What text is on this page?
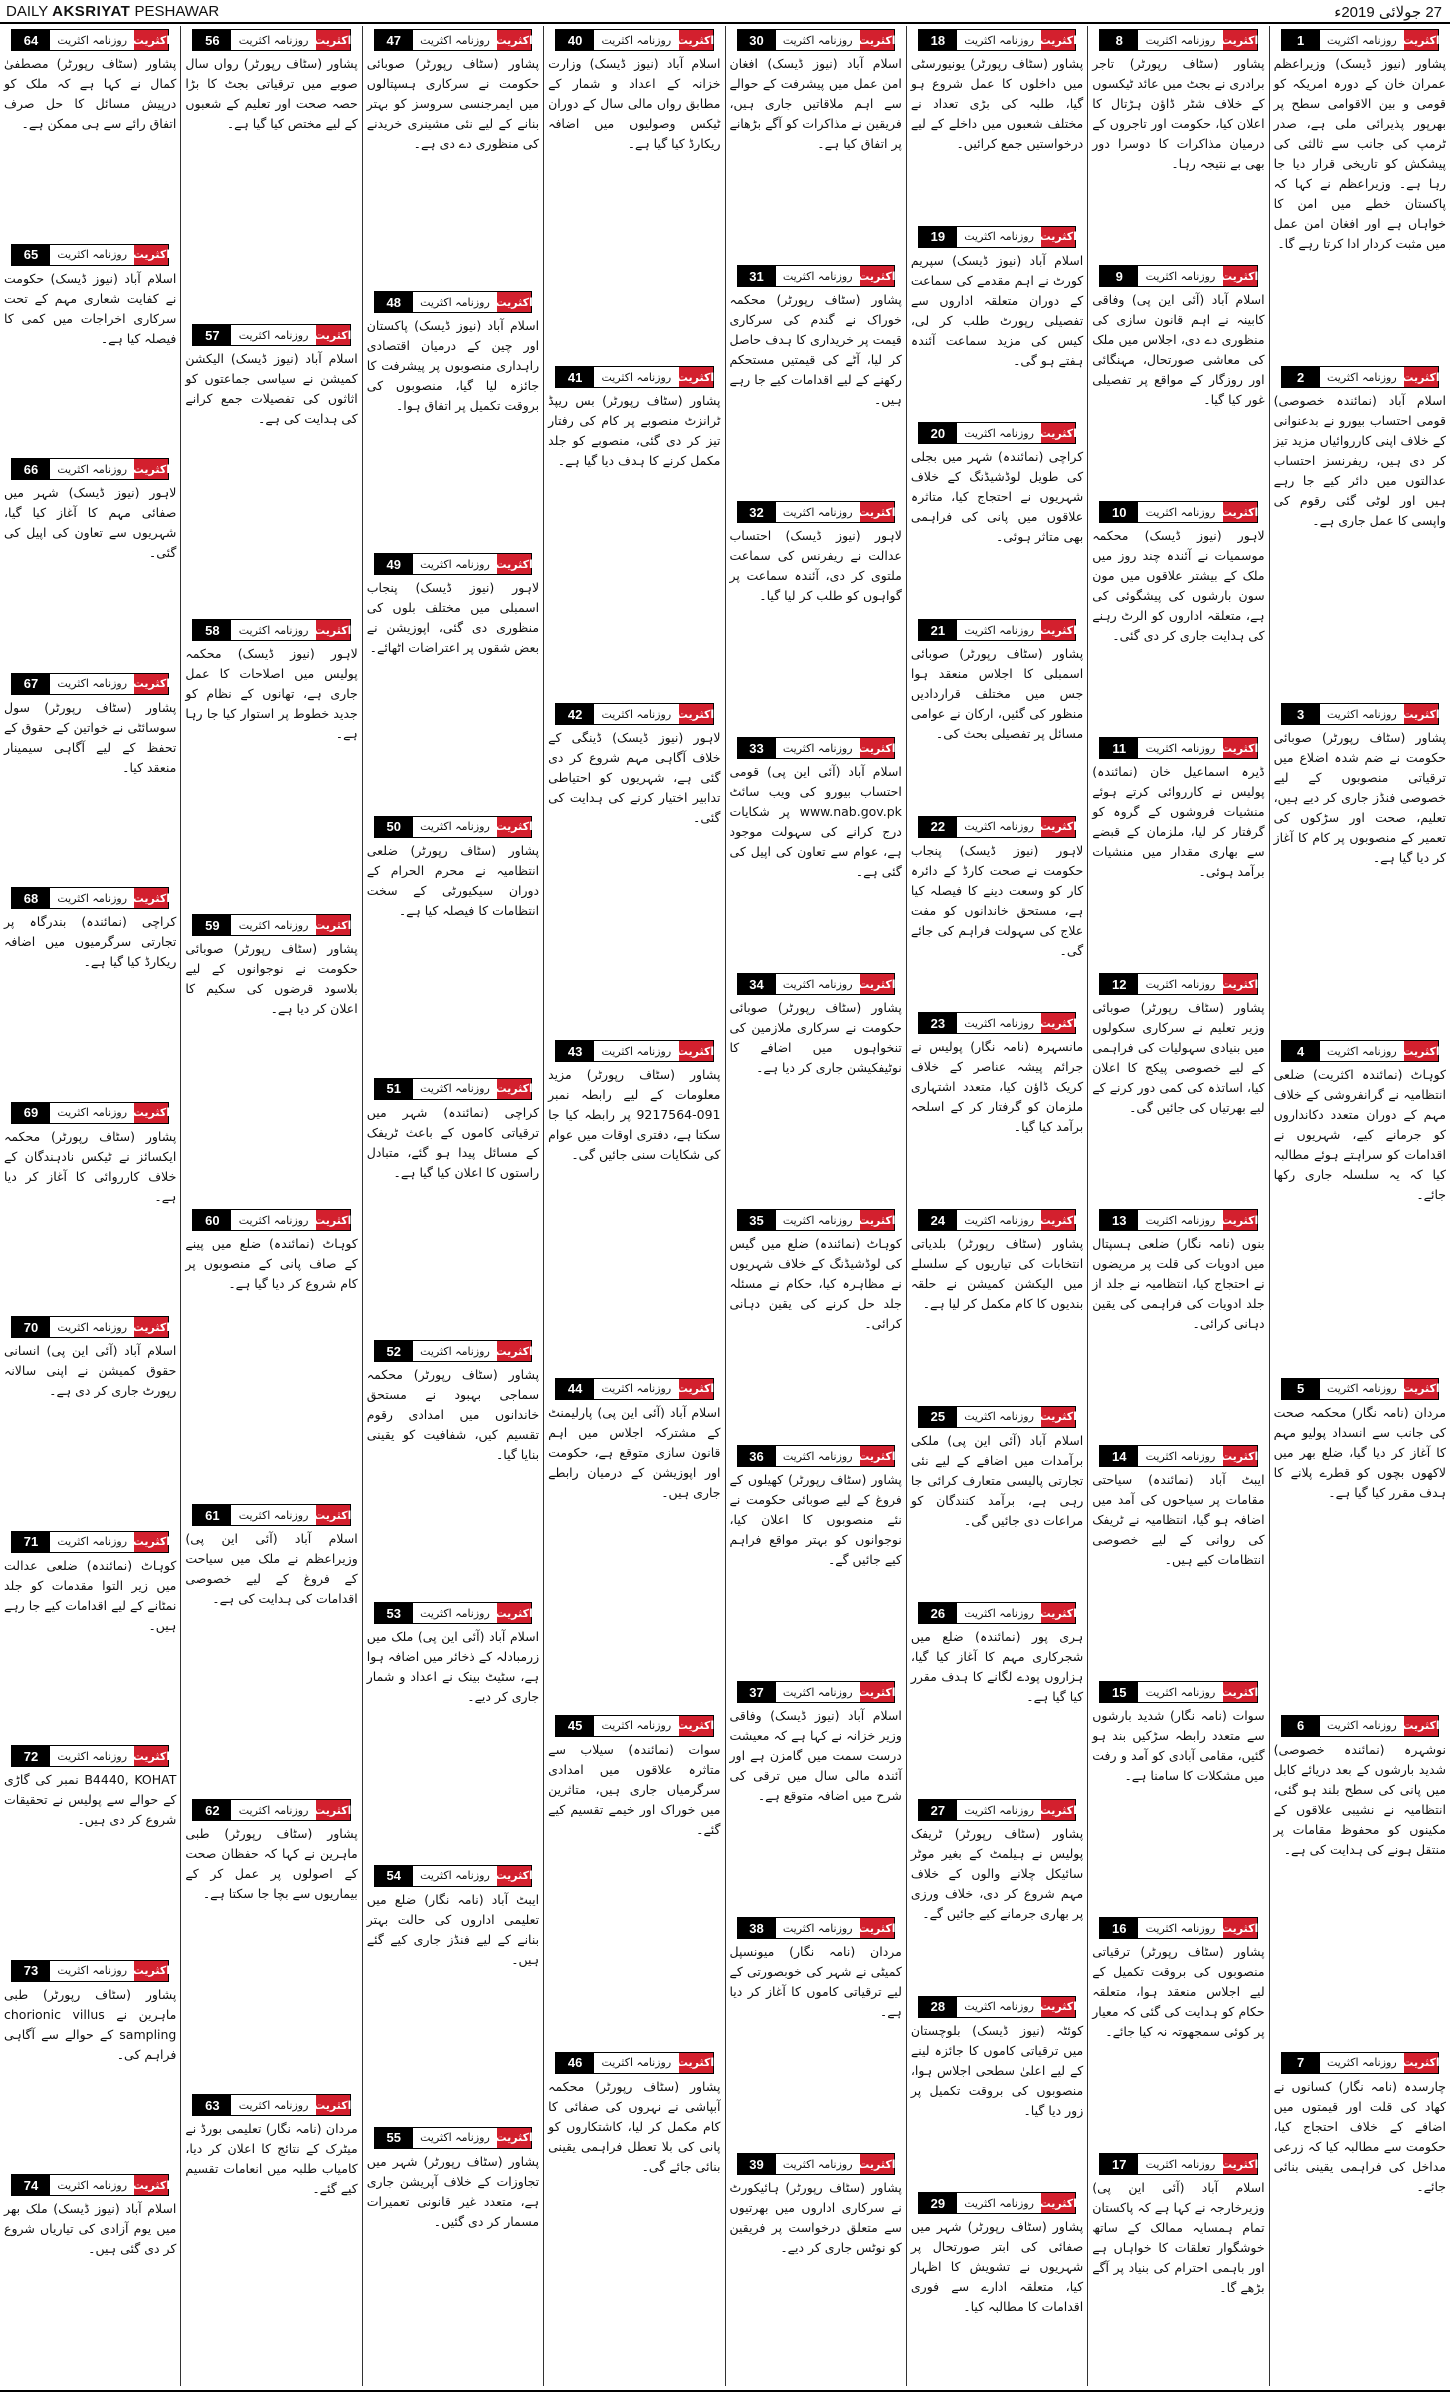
DAILY AKSRIYAT PESHAWAR	27 جولائی 2019ء
1	روزنامہ اکثریت اکثریت

پشاور (نیوز ڈیسک) وزیراعظم عمران خان کے دورہ امریکہ کو قومی و بین الاقوامی سطح پر بھرپور پذیرائی ملی ہے، صدر ٹرمپ کی جانب سے ثالثی کی پیشکش کو تاریخی قرار دیا جا رہا ہے۔ وزیراعظم نے کہا کہ پاکستان خطے میں امن کا خواہاں ہے اور افغان امن عمل میں مثبت کردار ادا کرتا رہے گا۔

2	روزنامہ اکثریت اکثریت

اسلام آباد (نمائندہ خصوصی) قومی احتساب بیورو نے بدعنوانی کے خلاف اپنی کارروائیاں مزید تیز کر دی ہیں، ریفرنسز احتساب عدالتوں میں دائر کیے جا رہے ہیں اور لوٹی گئی رقوم کی واپسی کا عمل جاری ہے۔

3	روزنامہ اکثریت اکثریت

پشاور (سٹاف رپورٹر) صوبائی حکومت نے ضم شدہ اضلاع میں ترقیاتی منصوبوں کے لیے خصوصی فنڈز جاری کر دیے ہیں، تعلیم، صحت اور سڑکوں کی تعمیر کے منصوبوں پر کام کا آغاز کر دیا گیا ہے۔

4	روزنامہ اکثریت اکثریت

کوہاٹ (نمائندہ اکثریت) ضلعی انتظامیہ نے گرانفروشی کے خلاف مہم کے دوران متعدد دکانداروں کو جرمانے کیے، شہریوں نے اقدامات کو سراہتے ہوئے مطالبہ کیا کہ یہ سلسلہ جاری رکھا جائے۔

5	روزنامہ اکثریت اکثریت

مردان (نامہ نگار) محکمہ صحت کی جانب سے انسداد پولیو مہم کا آغاز کر دیا گیا، ضلع بھر میں لاکھوں بچوں کو قطرے پلانے کا ہدف مقرر کیا گیا ہے۔

6	روزنامہ اکثریت اکثریت

نوشہرہ (نمائندہ خصوصی) شدید بارشوں کے بعد دریائے کابل میں پانی کی سطح بلند ہو گئی، انتظامیہ نے نشیبی علاقوں کے مکینوں کو محفوظ مقامات پر منتقل ہونے کی ہدایت کی ہے۔

7	روزنامہ اکثریت اکثریت

چارسدہ (نامہ نگار) کسانوں نے کھاد کی قلت اور قیمتوں میں اضافے کے خلاف احتجاج کیا، حکومت سے مطالبہ کیا کہ زرعی مداخل کی فراہمی یقینی بنائی جائے۔

8	روزنامہ اکثریت اکثریت

پشاور (سٹاف رپورٹر) تاجر برادری نے بجٹ میں عائد ٹیکسوں کے خلاف شٹر ڈاؤن ہڑتال کا اعلان کیا، حکومت اور تاجروں کے درمیان مذاکرات کا دوسرا دور بھی بے نتیجہ رہا۔

9	روزنامہ اکثریت اکثریت

اسلام آباد (آئی این پی) وفاقی کابینہ نے اہم قانون سازی کی منظوری دے دی، اجلاس میں ملک کی معاشی صورتحال، مہنگائی اور روزگار کے مواقع پر تفصیلی غور کیا گیا۔

10	روزنامہ اکثریت اکثریت

لاہور (نیوز ڈیسک) محکمہ موسمیات نے آئندہ چند روز میں ملک کے بیشتر علاقوں میں مون سون بارشوں کی پیشگوئی کی ہے، متعلقہ اداروں کو الرٹ رہنے کی ہدایت جاری کر دی گئی۔

11	روزنامہ اکثریت اکثریت

ڈیرہ اسماعیل خان (نمائندہ) پولیس نے کارروائی کرتے ہوئے منشیات فروشوں کے گروہ کو گرفتار کر لیا، ملزمان کے قبضے سے بھاری مقدار میں منشیات برآمد ہوئی۔

12	روزنامہ اکثریت اکثریت

پشاور (سٹاف رپورٹر) صوبائی وزیر تعلیم نے سرکاری سکولوں میں بنیادی سہولیات کی فراہمی کے لیے خصوصی پیکج کا اعلان کیا، اساتذہ کی کمی دور کرنے کے لیے بھرتیاں کی جائیں گی۔

13	روزنامہ اکثریت اکثریت

بنوں (نامہ نگار) ضلعی ہسپتال میں ادویات کی قلت پر مریضوں نے احتجاج کیا، انتظامیہ نے جلد از جلد ادویات کی فراہمی کی یقین دہانی کرائی۔

14	روزنامہ اکثریت اکثریت

ایبٹ آباد (نمائندہ) سیاحتی مقامات پر سیاحوں کی آمد میں اضافہ ہو گیا، انتظامیہ نے ٹریفک کی روانی کے لیے خصوصی انتظامات کیے ہیں۔

15	روزنامہ اکثریت اکثریت

سوات (نامہ نگار) شدید بارشوں سے متعدد رابطہ سڑکیں بند ہو گئیں، مقامی آبادی کو آمد و رفت میں مشکلات کا سامنا ہے۔

16	روزنامہ اکثریت اکثریت

پشاور (سٹاف رپورٹر) ترقیاتی منصوبوں کی بروقت تکمیل کے لیے اجلاس منعقد ہوا، متعلقہ حکام کو ہدایت کی گئی کہ معیار پر کوئی سمجھوتہ نہ کیا جائے۔

17	روزنامہ اکثریت اکثریت

اسلام آباد (آئی این پی) وزیرخارجہ نے کہا ہے کہ پاکستان تمام ہمسایہ ممالک کے ساتھ خوشگوار تعلقات کا خواہاں ہے اور باہمی احترام کی بنیاد پر آگے بڑھے گا۔

18	روزنامہ اکثریت اکثریت

پشاور (سٹاف رپورٹر) یونیورسٹی میں داخلوں کا عمل شروع ہو گیا، طلبہ کی بڑی تعداد نے مختلف شعبوں میں داخلے کے لیے درخواستیں جمع کرائیں۔

19	روزنامہ اکثریت اکثریت

اسلام آباد (نیوز ڈیسک) سپریم کورٹ نے اہم مقدمے کی سماعت کے دوران متعلقہ اداروں سے تفصیلی رپورٹ طلب کر لی، کیس کی مزید سماعت آئندہ ہفتے ہو گی۔

20	روزنامہ اکثریت اکثریت

کراچی (نمائندہ) شہر میں بجلی کی طویل لوڈشیڈنگ کے خلاف شہریوں نے احتجاج کیا، متاثرہ علاقوں میں پانی کی فراہمی بھی متاثر ہوئی۔

21	روزنامہ اکثریت اکثریت

پشاور (سٹاف رپورٹر) صوبائی اسمبلی کا اجلاس منعقد ہوا جس میں مختلف قراردادیں منظور کی گئیں، ارکان نے عوامی مسائل پر تفصیلی بحث کی۔

22	روزنامہ اکثریت اکثریت

لاہور (نیوز ڈیسک) پنجاب حکومت نے صحت کارڈ کے دائرہ کار کو وسعت دینے کا فیصلہ کیا ہے، مستحق خاندانوں کو مفت علاج کی سہولت فراہم کی جائے گی۔

23	روزنامہ اکثریت اکثریت

مانسہرہ (نامہ نگار) پولیس نے جرائم پیشہ عناصر کے خلاف کریک ڈاؤن کیا، متعدد اشتہاری ملزمان کو گرفتار کر کے اسلحہ برآمد کیا گیا۔

24	روزنامہ اکثریت اکثریت

پشاور (سٹاف رپورٹر) بلدیاتی انتخابات کی تیاریوں کے سلسلے میں الیکشن کمیشن نے حلقہ بندیوں کا کام مکمل کر لیا ہے۔

25	روزنامہ اکثریت اکثریت

اسلام آباد (آئی این پی) ملکی برآمدات میں اضافے کے لیے نئی تجارتی پالیسی متعارف کرائی جا رہی ہے، برآمد کنندگان کو مراعات دی جائیں گی۔

26	روزنامہ اکثریت اکثریت

ہری پور (نمائندہ) ضلع میں شجرکاری مہم کا آغاز کیا گیا، ہزاروں پودے لگانے کا ہدف مقرر کیا گیا ہے۔

27	روزنامہ اکثریت اکثریت

پشاور (سٹاف رپورٹر) ٹریفک پولیس نے ہیلمٹ کے بغیر موٹر سائیکل چلانے والوں کے خلاف مہم شروع کر دی، خلاف ورزی پر بھاری جرمانے کیے جائیں گے۔

28	روزنامہ اکثریت اکثریت

کوئٹہ (نیوز ڈیسک) بلوچستان میں ترقیاتی کاموں کا جائزہ لینے کے لیے اعلیٰ سطحی اجلاس ہوا، منصوبوں کی بروقت تکمیل پر زور دیا گیا۔

29	روزنامہ اکثریت اکثریت

پشاور (سٹاف رپورٹر) شہر میں صفائی کی ابتر صورتحال پر شہریوں نے تشویش کا اظہار کیا، متعلقہ ادارے سے فوری اقدامات کا مطالبہ کیا۔

30	روزنامہ اکثریت اکثریت

اسلام آباد (نیوز ڈیسک) افغان امن عمل میں پیشرفت کے حوالے سے اہم ملاقاتیں جاری ہیں، فریقین نے مذاکرات کو آگے بڑھانے پر اتفاق کیا ہے۔

31	روزنامہ اکثریت اکثریت

پشاور (سٹاف رپورٹر) محکمہ خوراک نے گندم کی سرکاری قیمت پر خریداری کا ہدف حاصل کر لیا، آٹے کی قیمتیں مستحکم رکھنے کے لیے اقدامات کیے جا رہے ہیں۔

32	روزنامہ اکثریت اکثریت

لاہور (نیوز ڈیسک) احتساب عدالت نے ریفرنس کی سماعت ملتوی کر دی، آئندہ سماعت پر گواہوں کو طلب کر لیا گیا۔

33	روزنامہ اکثریت اکثریت

اسلام آباد (آئی این پی) قومی احتساب بیورو کی ویب سائٹ www.nab.gov.pk پر شکایات درج کرانے کی سہولت موجود ہے، عوام سے تعاون کی اپیل کی گئی ہے۔

34	روزنامہ اکثریت اکثریت

پشاور (سٹاف رپورٹر) صوبائی حکومت نے سرکاری ملازمین کی تنخواہوں میں اضافے کا نوٹیفکیشن جاری کر دیا ہے۔

35	روزنامہ اکثریت اکثریت

کوہاٹ (نمائندہ) ضلع میں گیس کی لوڈشیڈنگ کے خلاف شہریوں نے مظاہرہ کیا، حکام نے مسئلہ جلد حل کرنے کی یقین دہانی کرائی۔

36	روزنامہ اکثریت اکثریت

پشاور (سٹاف رپورٹر) کھیلوں کے فروغ کے لیے صوبائی حکومت نے نئے منصوبوں کا اعلان کیا، نوجوانوں کو بہتر مواقع فراہم کیے جائیں گے۔

37	روزنامہ اکثریت اکثریت

اسلام آباد (نیوز ڈیسک) وفاقی وزیر خزانہ نے کہا ہے کہ معیشت درست سمت میں گامزن ہے اور آئندہ مالی سال میں ترقی کی شرح میں اضافہ متوقع ہے۔

38	روزنامہ اکثریت اکثریت

مردان (نامہ نگار) میونسپل کمیٹی نے شہر کی خوبصورتی کے لیے ترقیاتی کاموں کا آغاز کر دیا ہے۔

39	روزنامہ اکثریت اکثریت

پشاور (سٹاف رپورٹر) ہائیکورٹ نے سرکاری اداروں میں بھرتیوں سے متعلق درخواست پر فریقین کو نوٹس جاری کر دیے۔

40	روزنامہ اکثریت اکثریت

اسلام آباد (نیوز ڈیسک) وزارت خزانہ کے اعداد و شمار کے مطابق رواں مالی سال کے دوران ٹیکس وصولیوں میں اضافہ ریکارڈ کیا گیا ہے۔

41	روزنامہ اکثریت اکثریت

پشاور (سٹاف رپورٹر) بس ریپڈ ٹرانزٹ منصوبے پر کام کی رفتار تیز کر دی گئی، منصوبے کو جلد مکمل کرنے کا ہدف دیا گیا ہے۔

42	روزنامہ اکثریت اکثریت

لاہور (نیوز ڈیسک) ڈینگی کے خلاف آگاہی مہم شروع کر دی گئی ہے، شہریوں کو احتیاطی تدابیر اختیار کرنے کی ہدایت کی گئی۔

43	روزنامہ اکثریت اکثریت

پشاور (سٹاف رپورٹر) مزید معلومات کے لیے رابطہ نمبر 091-9217564 پر رابطہ کیا جا سکتا ہے، دفتری اوقات میں عوام کی شکایات سنی جائیں گی۔

44	روزنامہ اکثریت اکثریت

اسلام آباد (آئی این پی) پارلیمنٹ کے مشترکہ اجلاس میں اہم قانون سازی متوقع ہے، حکومت اور اپوزیشن کے درمیان رابطے جاری ہیں۔

45	روزنامہ اکثریت اکثریت

سوات (نمائندہ) سیلاب سے متاثرہ علاقوں میں امدادی سرگرمیاں جاری ہیں، متاثرین میں خوراک اور خیمے تقسیم کیے گئے۔

46	روزنامہ اکثریت اکثریت

پشاور (سٹاف رپورٹر) محکمہ آبپاشی نے نہروں کی صفائی کا کام مکمل کر لیا، کاشتکاروں کو پانی کی بلا تعطل فراہمی یقینی بنائی جائے گی۔

47	روزنامہ اکثریت اکثریت

پشاور (سٹاف رپورٹر) صوبائی حکومت نے سرکاری ہسپتالوں میں ایمرجنسی سروسز کو بہتر بنانے کے لیے نئی مشینری خریدنے کی منظوری دے دی ہے۔

48	روزنامہ اکثریت اکثریت

اسلام آباد (نیوز ڈیسک) پاکستان اور چین کے درمیان اقتصادی راہداری منصوبوں پر پیشرفت کا جائزہ لیا گیا، منصوبوں کی بروقت تکمیل پر اتفاق ہوا۔

49	روزنامہ اکثریت اکثریت

لاہور (نیوز ڈیسک) پنجاب اسمبلی میں مختلف بلوں کی منظوری دی گئی، اپوزیشن نے بعض شقوں پر اعتراضات اٹھائے۔

50	روزنامہ اکثریت اکثریت

پشاور (سٹاف رپورٹر) ضلعی انتظامیہ نے محرم الحرام کے دوران سیکیورٹی کے سخت انتظامات کا فیصلہ کیا ہے۔

51	روزنامہ اکثریت اکثریت

کراچی (نمائندہ) شہر میں ترقیاتی کاموں کے باعث ٹریفک کے مسائل پیدا ہو گئے، متبادل راستوں کا اعلان کیا گیا ہے۔

52	روزنامہ اکثریت اکثریت

پشاور (سٹاف رپورٹر) محکمہ سماجی بہبود نے مستحق خاندانوں میں امدادی رقوم تقسیم کیں، شفافیت کو یقینی بنایا گیا۔

53	روزنامہ اکثریت اکثریت

اسلام آباد (آئی این پی) ملک میں زرمبادلہ کے ذخائر میں اضافہ ہوا ہے، سٹیٹ بینک نے اعداد و شمار جاری کر دیے۔

54	روزنامہ اکثریت اکثریت

ایبٹ آباد (نامہ نگار) ضلع میں تعلیمی اداروں کی حالت بہتر بنانے کے لیے فنڈز جاری کیے گئے ہیں۔

55	روزنامہ اکثریت اکثریت

پشاور (سٹاف رپورٹر) شہر میں تجاوزات کے خلاف آپریشن جاری ہے، متعدد غیر قانونی تعمیرات مسمار کر دی گئیں۔

56	روزنامہ اکثریت اکثریت

پشاور (سٹاف رپورٹر) رواں سال صوبے میں ترقیاتی بجٹ کا بڑا حصہ صحت اور تعلیم کے شعبوں کے لیے مختص کیا گیا ہے۔

57	روزنامہ اکثریت اکثریت

اسلام آباد (نیوز ڈیسک) الیکشن کمیشن نے سیاسی جماعتوں کو اثاثوں کی تفصیلات جمع کرانے کی ہدایت کی ہے۔

58	روزنامہ اکثریت اکثریت

لاہور (نیوز ڈیسک) محکمہ پولیس میں اصلاحات کا عمل جاری ہے، تھانوں کے نظام کو جدید خطوط پر استوار کیا جا رہا ہے۔

59	روزنامہ اکثریت اکثریت

پشاور (سٹاف رپورٹر) صوبائی حکومت نے نوجوانوں کے لیے بلاسود قرضوں کی سکیم کا اعلان کر دیا ہے۔

60	روزنامہ اکثریت اکثریت

کوہاٹ (نمائندہ) ضلع میں پینے کے صاف پانی کے منصوبوں پر کام شروع کر دیا گیا ہے۔

61	روزنامہ اکثریت اکثریت

اسلام آباد (آئی این پی) وزیراعظم نے ملک میں سیاحت کے فروغ کے لیے خصوصی اقدامات کی ہدایت کی ہے۔

62	روزنامہ اکثریت اکثریت

پشاور (سٹاف رپورٹر) طبی ماہرین نے کہا کہ حفظان صحت کے اصولوں پر عمل کر کے بیماریوں سے بچا جا سکتا ہے۔

63	روزنامہ اکثریت اکثریت

مردان (نامہ نگار) تعلیمی بورڈ نے میٹرک کے نتائج کا اعلان کر دیا، کامیاب طلبہ میں انعامات تقسیم کیے گئے۔

64	روزنامہ اکثریت اکثریت

پشاور (سٹاف رپورٹر) مصطفیٰ کمال نے کہا ہے کہ ملک کو درپیش مسائل کا حل صرف اتفاق رائے سے ہی ممکن ہے۔

65	روزنامہ اکثریت اکثریت

اسلام آباد (نیوز ڈیسک) حکومت نے کفایت شعاری مہم کے تحت سرکاری اخراجات میں کمی کا فیصلہ کیا ہے۔

66	روزنامہ اکثریت اکثریت

لاہور (نیوز ڈیسک) شہر میں صفائی مہم کا آغاز کیا گیا، شہریوں سے تعاون کی اپیل کی گئی۔

67	روزنامہ اکثریت اکثریت

پشاور (سٹاف رپورٹر) سول سوسائٹی نے خواتین کے حقوق کے تحفظ کے لیے آگاہی سیمینار منعقد کیا۔

68	روزنامہ اکثریت اکثریت

کراچی (نمائندہ) بندرگاہ پر تجارتی سرگرمیوں میں اضافہ ریکارڈ کیا گیا ہے۔

69	روزنامہ اکثریت اکثریت

پشاور (سٹاف رپورٹر) محکمہ ایکسائز نے ٹیکس نادہندگان کے خلاف کارروائی کا آغاز کر دیا ہے۔

70	روزنامہ اکثریت اکثریت

اسلام آباد (آئی این پی) انسانی حقوق کمیشن نے اپنی سالانہ رپورٹ جاری کر دی ہے۔

71	روزنامہ اکثریت اکثریت

کوہاٹ (نمائندہ) ضلعی عدالت میں زیر التوا مقدمات کو جلد نمٹانے کے لیے اقدامات کیے جا رہے ہیں۔

72	روزنامہ اکثریت اکثریت

B4440, KOHAT نمبر کی گاڑی کے حوالے سے پولیس نے تحقیقات شروع کر دی ہیں۔

73	روزنامہ اکثریت اکثریت

پشاور (سٹاف رپورٹر) طبی ماہرین نے chorionic villus sampling کے حوالے سے آگاہی فراہم کی۔

74	روزنامہ اکثریت اکثریت

اسلام آباد (نیوز ڈیسک) ملک بھر میں یوم آزادی کی تیاریاں شروع کر دی گئی ہیں۔
